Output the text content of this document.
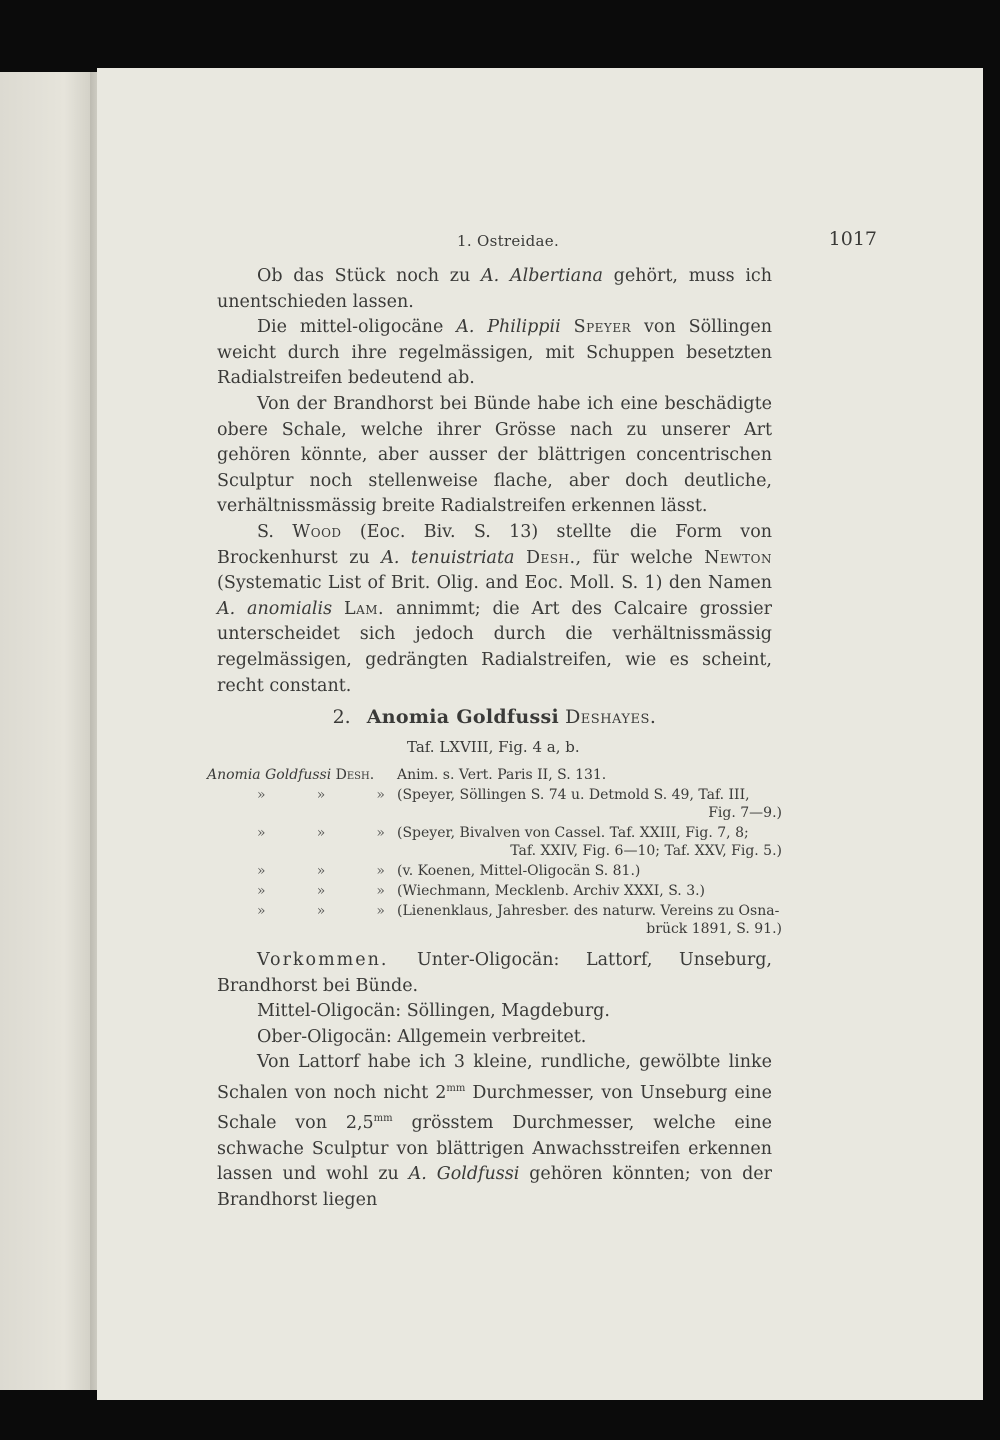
1. Ostreidae.	1017

Ob das Stück noch zu A. Albertiana gehört, muss ich unentschieden lassen.

Die mittel-oligocäne A. Philippii Speyer von Söllingen weicht durch ihre regelmässigen, mit Schuppen besetzten Radialstreifen bedeutend ab.

Von der Brandhorst bei Bünde habe ich eine beschädigte obere Schale, welche ihrer Grösse nach zu unserer Art gehören könnte, aber ausser der blättrigen concentrischen Sculptur noch stellenweise flache, aber doch deutliche, verhältnissmässig breite Radialstreifen erkennen lässt.

S. Wood (Eoc. Biv. S. 13) stellte die Form von Brockenhurst zu A. tenuistriata Desh., für welche Newton (Systematic List of Brit. Olig. and Eoc. Moll. S. 1) den Namen A. anomialis Lam. annimmt; die Art des Calcaire grossier unterscheidet sich jedoch durch die verhältnissmässig regelmässigen, gedrängten Radialstreifen, wie es scheint, recht constant.

2. Anomia Goldfussi Deshayes.
Taf. LXVIII, Fig. 4 a, b.
Anomia Goldfussi Desh.	Anim. s. Vert. Paris II, S. 131.
»	»	» (Speyer, Söllingen S. 74 u. Detmold S. 49, Taf. III,
Fig. 7—9.)
»	»	» (Speyer, Bivalven von Cassel. Taf. XXIII, Fig. 7, 8;
Taf. XXIV, Fig. 6—10; Taf. XXV, Fig. 5.)
»	»	» (v. Koenen, Mittel-Oligocän S. 81.)
»	»	» (Wiechmann, Mecklenb. Archiv XXXI, S. 3.)
»	»	» (Lienenklaus, Jahresber. des naturw. Vereins zu Osna-
brück 1891, S. 91.)

Vorkommen. Unter-Oligocän: Lattorf, Unseburg, Brandhorst bei Bünde.

Mittel-Oligocän: Söllingen, Magdeburg.

Ober-Oligocän: Allgemein verbreitet.

Von Lattorf habe ich 3 kleine, rundliche, gewölbte linke Schalen von noch nicht $2^{mm}$ Durchmesser, von Unseburg eine Schale von $2,5^{mm}$ grösstem Durchmesser, welche eine schwache Sculptur von blättrigen Anwachsstreifen erkennen lassen und wohl zu A. Goldfussi gehören könnten; von der Brandhorst liegen
